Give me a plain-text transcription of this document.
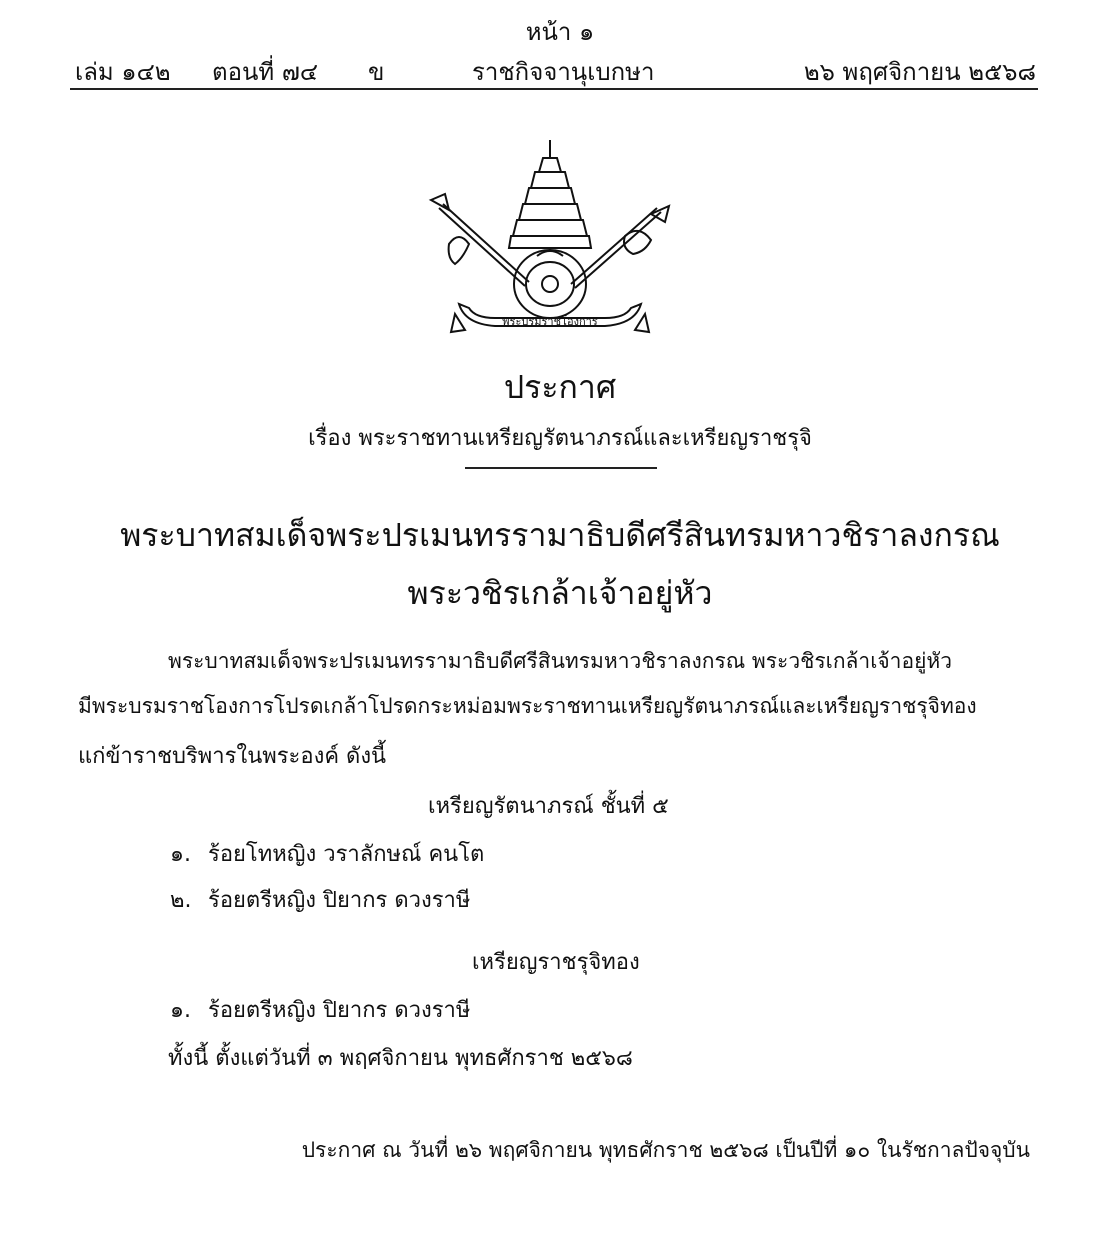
หน้า ๑
เล่ม ๑๔๒ ตอนที่ ๗๔ ข	ราชกิจจานุเบกษา	๒๖ พฤศจิกายน ๒๕๖๘
พระบรมราชโองการ
ประกาศ
เรื่อง พระราชทานเหรียญรัตนาภรณ์และเหรียญราชรุจิ
พระบาทสมเด็จพระปรเมนทรรามาธิบดีศรีสินทรมหาวชิราลงกรณ
พระวชิรเกล้าเจ้าอยู่หัว
พระบาทสมเด็จพระปรเมนทรรามาธิบดีศรีสินทรมหาวชิราลงกรณ พระวชิรเกล้าเจ้าอยู่หัว
มีพระบรมราชโองการโปรดเกล้าโปรดกระหม่อมพระราชทานเหรียญรัตนาภรณ์และเหรียญราชรุจิทอง
แก่ข้าราชบริพารในพระองค์ ดังนี้
เหรียญรัตนาภรณ์ ชั้นที่ ๕
๑. ร้อยโทหญิง วราลักษณ์ คนโต
๒. ร้อยตรีหญิง ปิยากร ดวงราษี
เหรียญราชรุจิทอง
๑. ร้อยตรีหญิง ปิยากร ดวงราษี
ทั้งนี้ ตั้งแต่วันที่ ๓ พฤศจิกายน พุทธศักราช ๒๕๖๘
ประกาศ ณ วันที่ ๒๖ พฤศจิกายน พุทธศักราช ๒๕๖๘ เป็นปีที่ ๑๐ ในรัชกาลปัจจุบัน
